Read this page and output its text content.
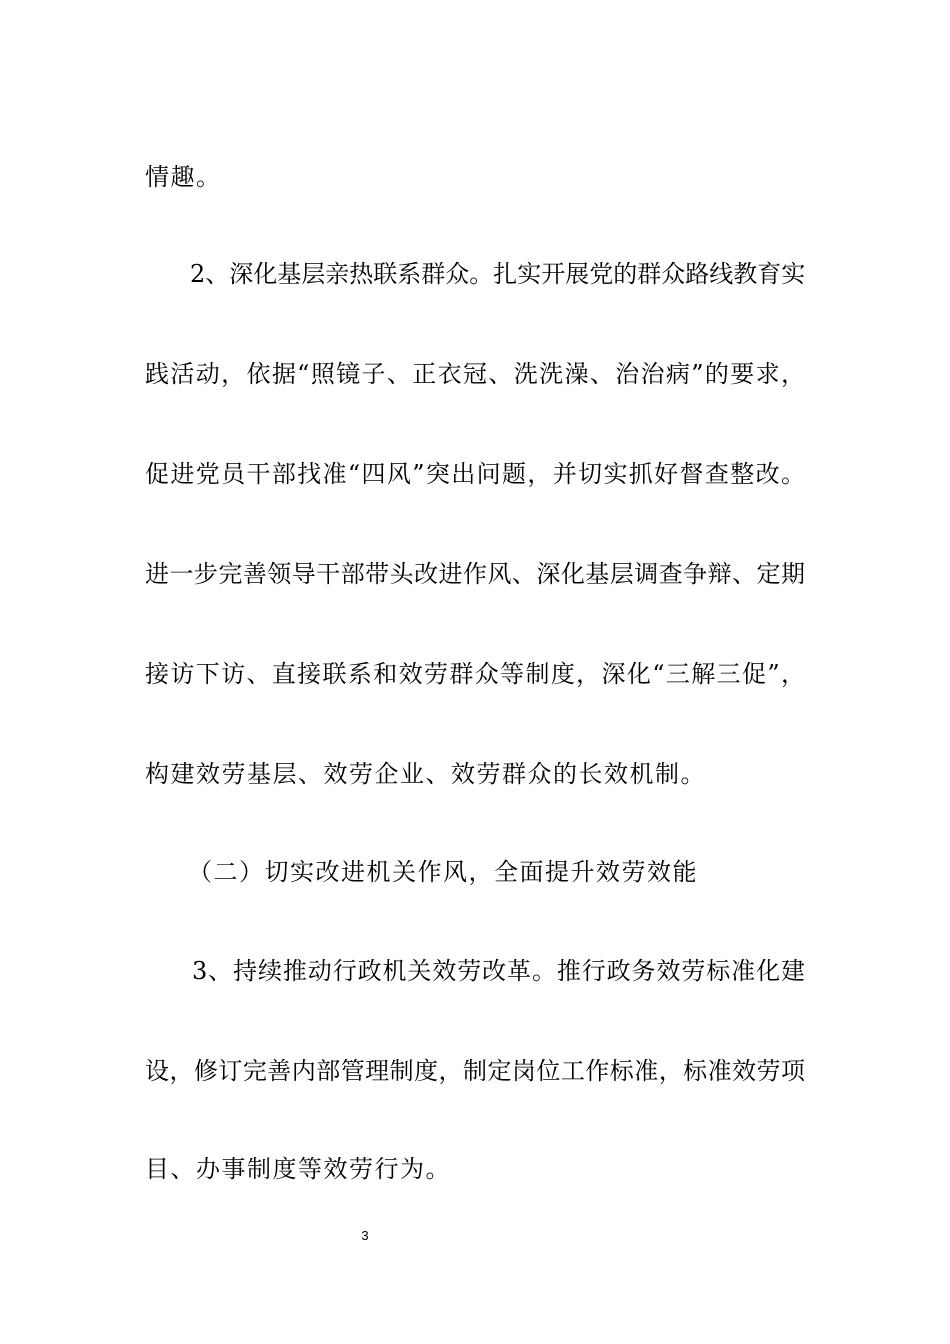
情趣。

2、深化基层亲热联系群众。扎实开展党的群众路线教育实

践活动，依据“照镜子、正衣冠、洗洗澡、治治病”的要求，

促进党员干部找准“四风”突出问题，并切实抓好督查整改。

进一步完善领导干部带头改进作风、深化基层调查争辩、定期

接访下访、直接联系和效劳群众等制度，深化“三解三促”，

构建效劳基层、效劳企业、效劳群众的长效机制。

（二）切实改进机关作风，全面提升效劳效能

3、持续推动行政机关效劳改革。推行政务效劳标准化建

设，修订完善内部管理制度，制定岗位工作标准，标准效劳项

目、办事制度等效劳行为。

3
